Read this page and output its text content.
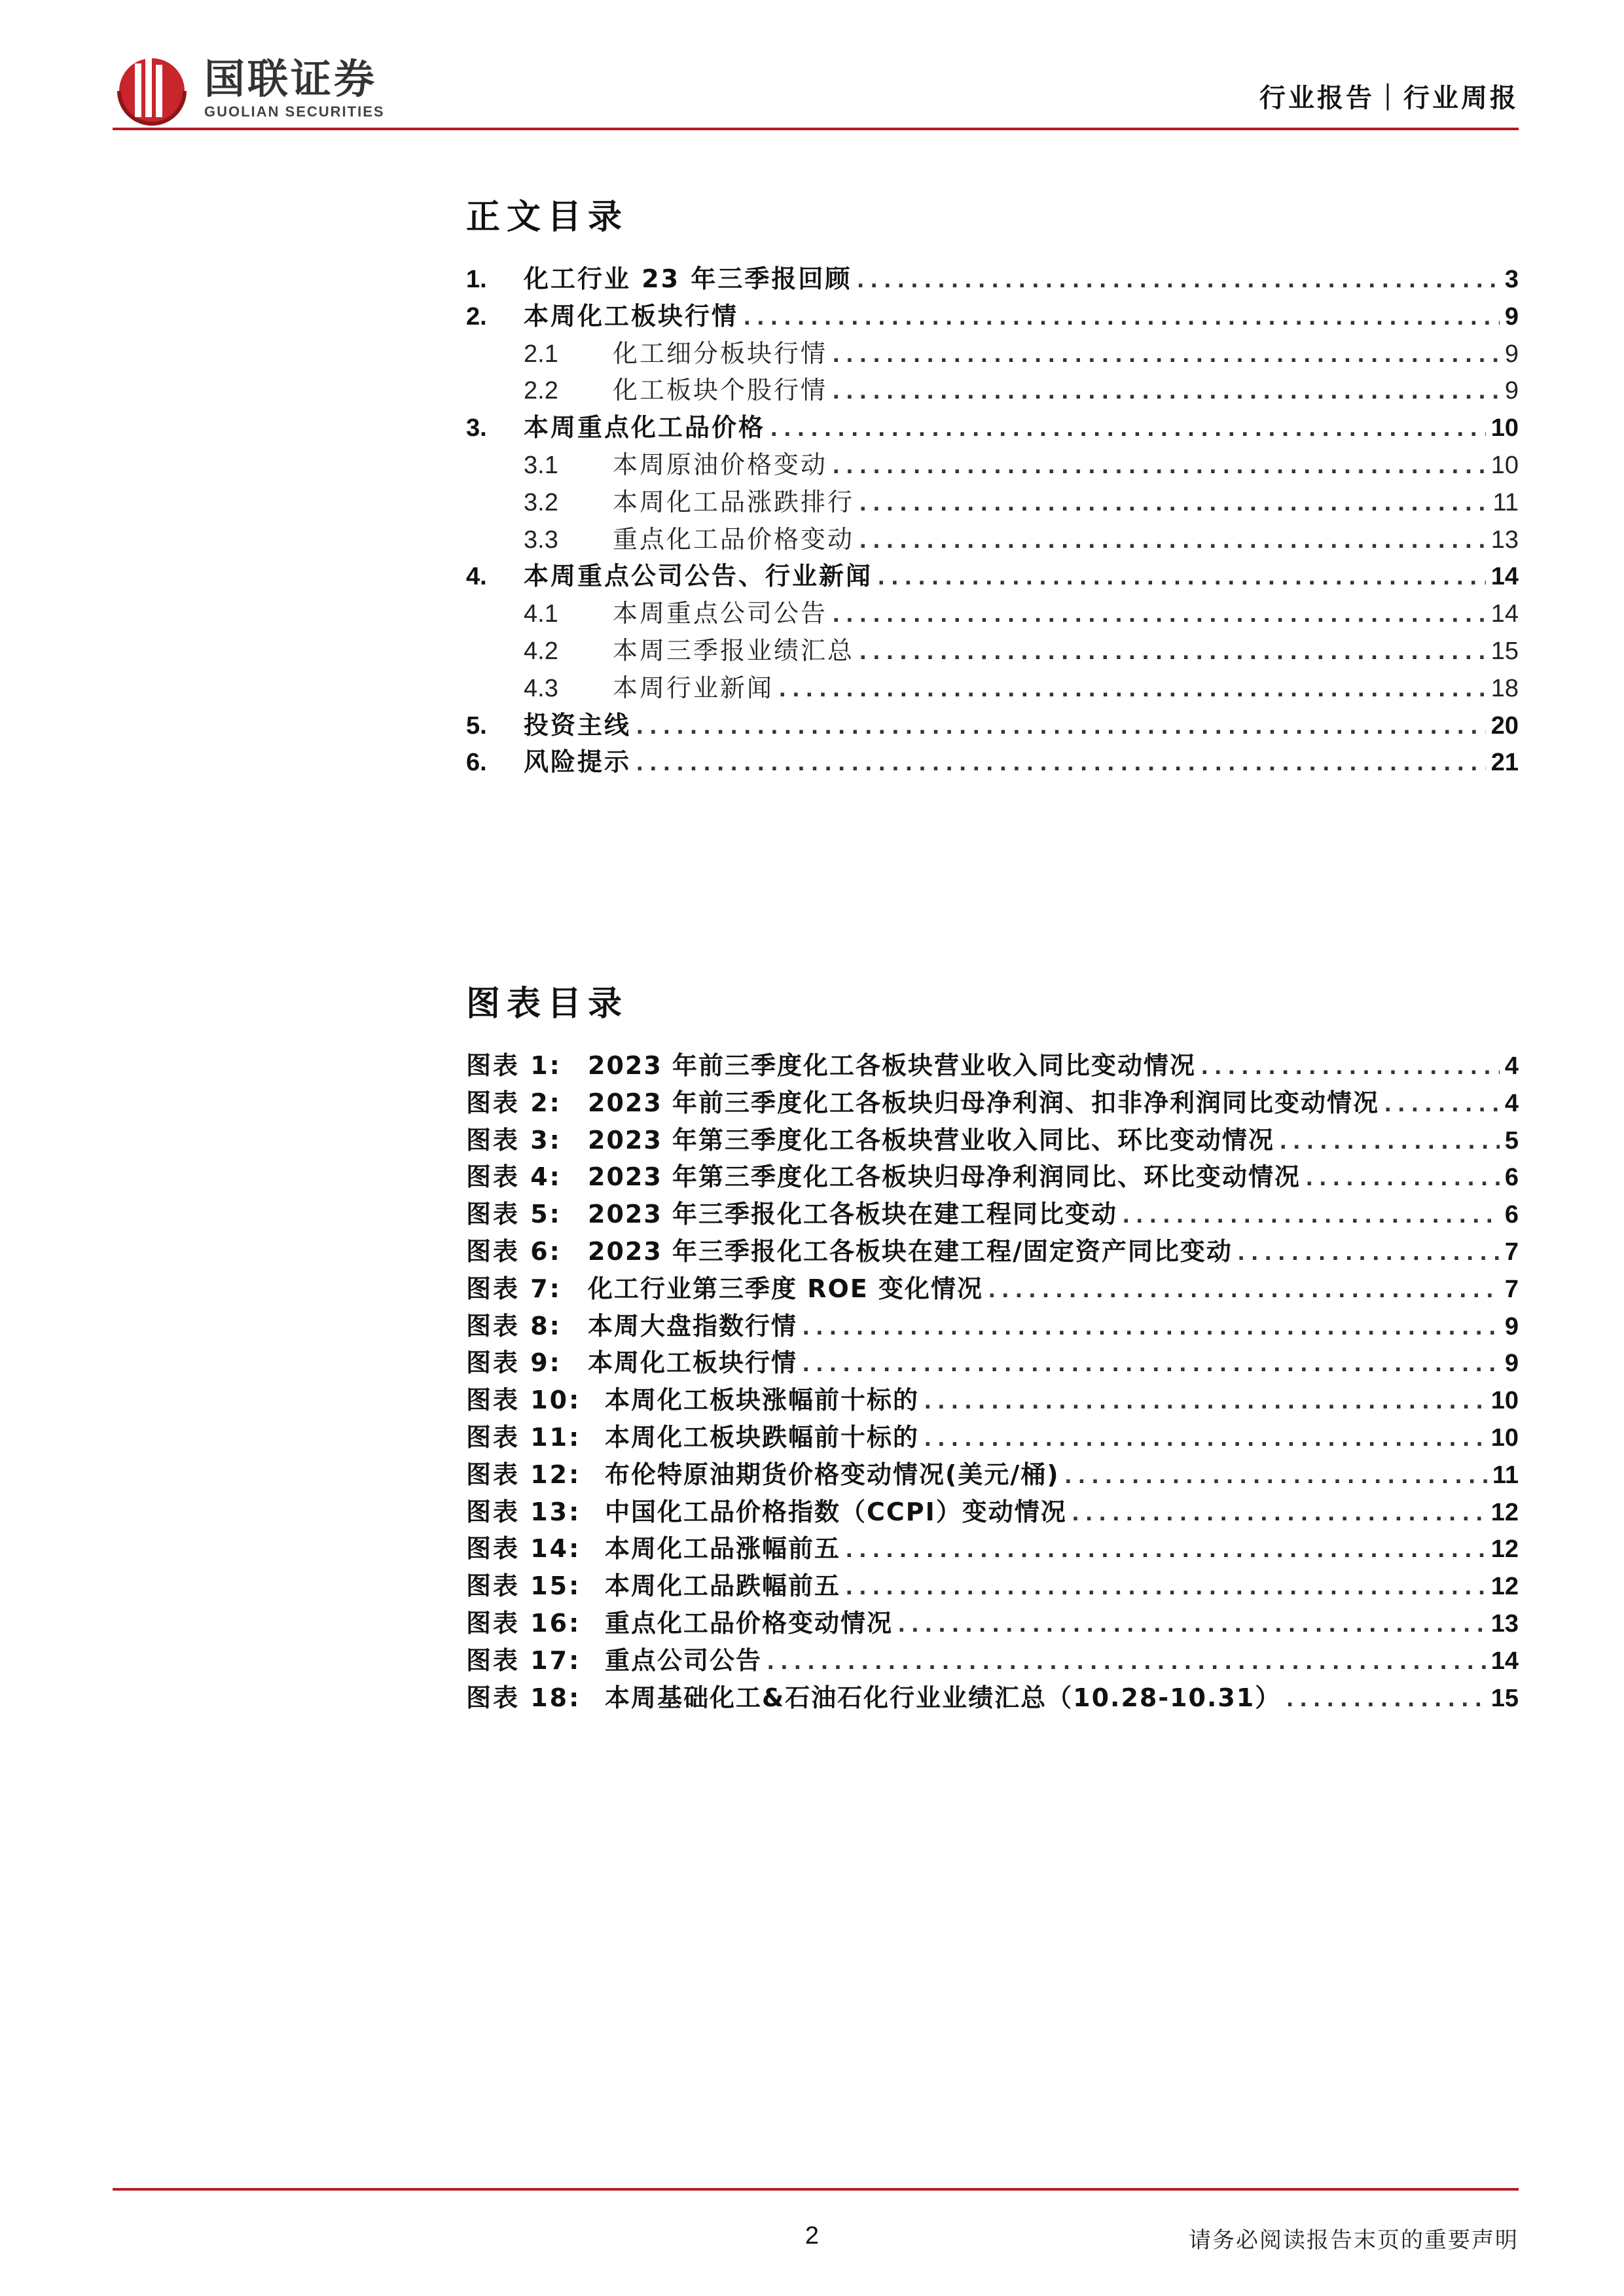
国联证券
GUOLIAN SECURITIES	行业报告｜行业周报
正文目录
1.	化工行业 23 年三季报回顾 .....	3
2.	本周化工板块行情 .....	9
2.1	化工细分板块行情 .....	9
2.2	化工板块个股行情 .....	9
3.	本周重点化工品价格 .....	10
3.1	本周原油价格变动 .....	10
3.2	本周化工品涨跌排行 .....	11
3.3	重点化工品价格变动 .....	13
4.	本周重点公司公告、行业新闻 .....	14
4.1	本周重点公司公告 .....	14
4.2	本周三季报业绩汇总 .....	15
4.3	本周行业新闻 .....	18
5.	投资主线 .....	20
6.	风险提示 .....	21
图表目录
图表 1:	2023 年前三季度化工各板块营业收入同比变动情况 .....	4
图表 2:	2023 年前三季度化工各板块归母净利润、扣非净利润同比变动情况 .....	4
图表 3:	2023 年第三季度化工各板块营业收入同比、环比变动情况 .....	5
图表 4:	2023 年第三季度化工各板块归母净利润同比、环比变动情况 .....	6
图表 5:	2023 年三季报化工各板块在建工程同比变动 .....	6
图表 6:	2023 年三季报化工各板块在建工程/固定资产同比变动 .....	7
图表 7:	化工行业第三季度 ROE 变化情况 .....	7
图表 8:	本周大盘指数行情 .....	9
图表 9:	本周化工板块行情 .....	9
图表 10: 本周化工板块涨幅前十标的 .....	10
图表 11: 本周化工板块跌幅前十标的 .....	10
图表 12: 布伦特原油期货价格变动情况(美元/桶) .....	11
图表 13: 中国化工品价格指数（CCPI）变动情况 .....	12
图表 14: 本周化工品涨幅前五 .....	12
图表 15: 本周化工品跌幅前五 .....	12
图表 16: 重点化工品价格变动情况 .....	13
图表 17: 重点公司公告 .....	14
图表 18: 本周基础化工&石油石化行业业绩汇总（10.28-10.31） .....	15
2	请务必阅读报告末页的重要声明
